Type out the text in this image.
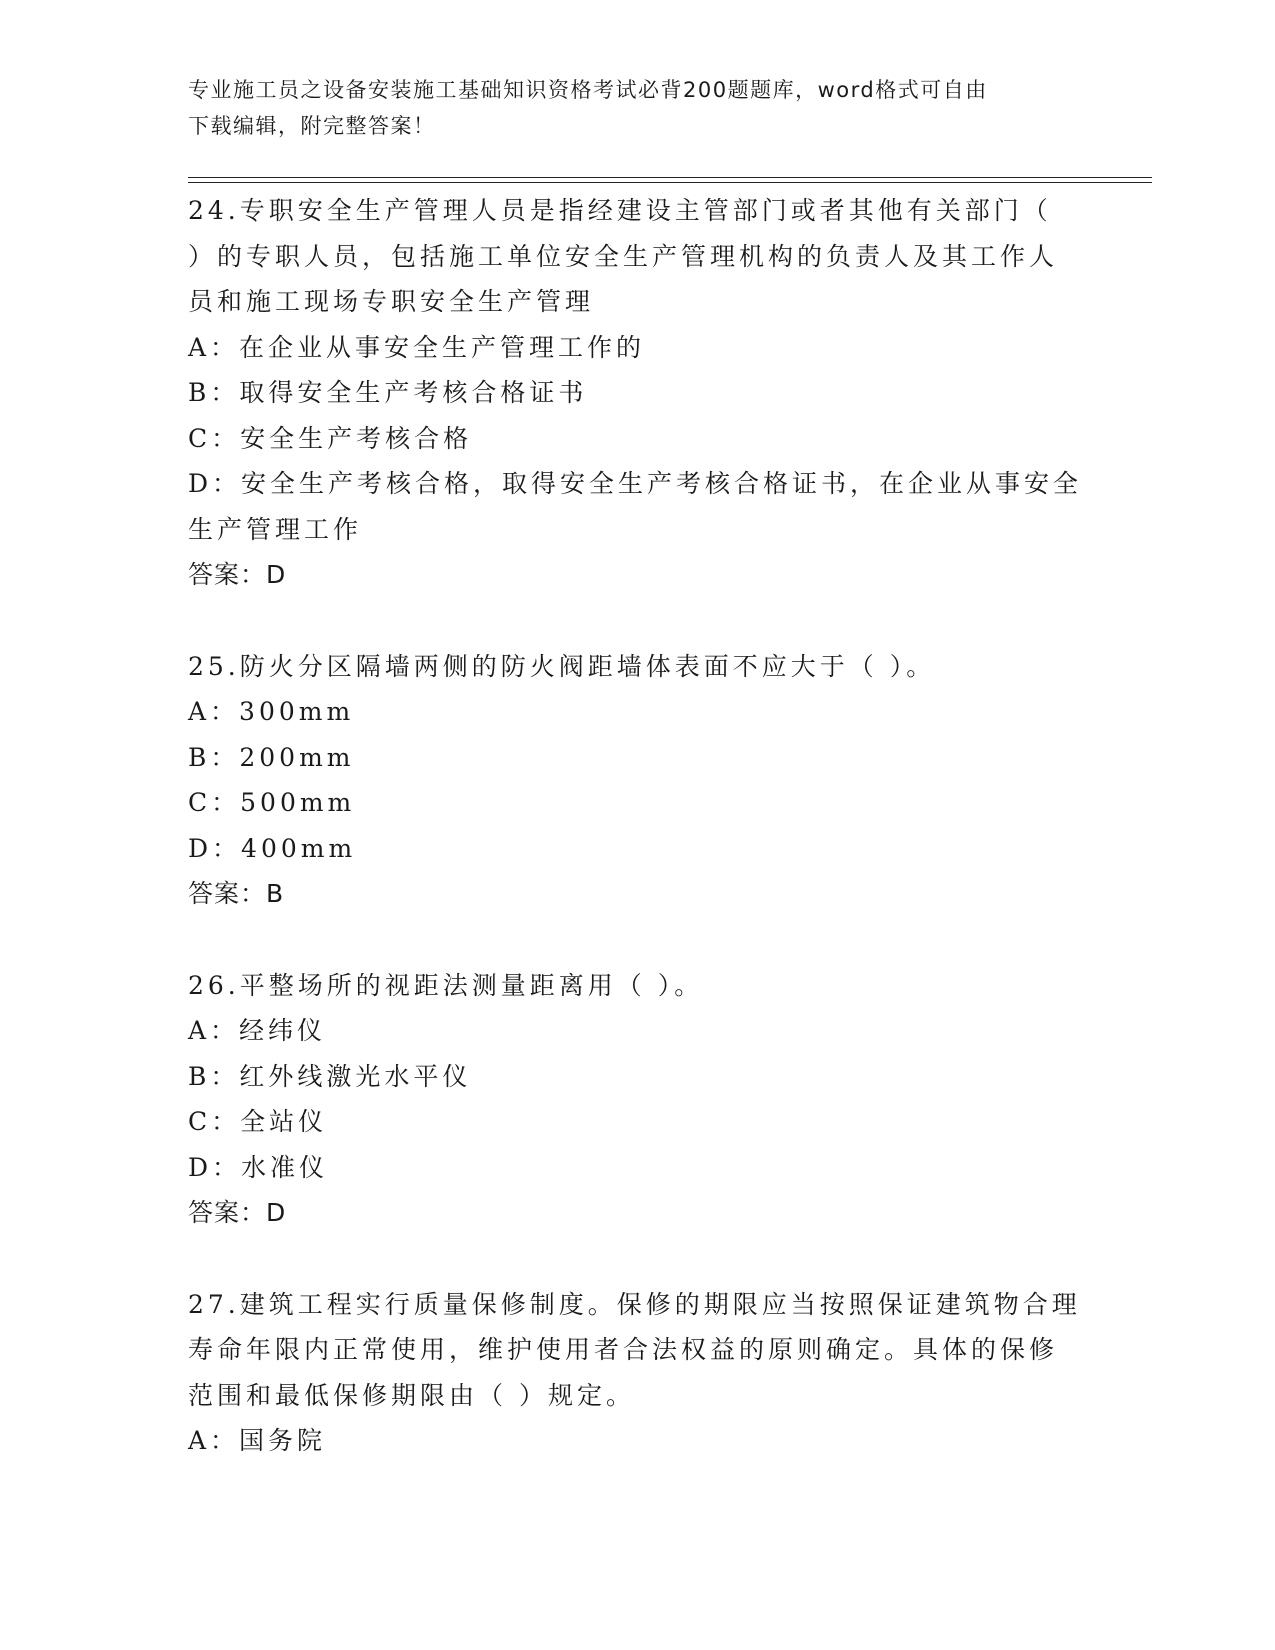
专业施工员之设备安装施工基础知识资格考试必背200题题库，word格式可自由
下载编辑，附完整答案！
24.专职安全生产管理人员是指经建设主管部门或者其他有关部门（
）的专职人员，包括施工单位安全生产管理机构的负责人及其工作人
员和施工现场专职安全生产管理
A：在企业从事安全生产管理工作的
B：取得安全生产考核合格证书
C：安全生产考核合格
D：安全生产考核合格，取得安全生产考核合格证书，在企业从事安全
生产管理工作
答案：D
25.防火分区隔墙两侧的防火阀距墙体表面不应大于（ ）。
A：300mm
B：200mm
C：500mm
D：400mm
答案：B
26.平整场所的视距法测量距离用（ ）。
A：经纬仪
B：红外线激光水平仪
C：全站仪
D：水准仪
答案：D
27.建筑工程实行质量保修制度。保修的期限应当按照保证建筑物合理
寿命年限内正常使用，维护使用者合法权益的原则确定。具体的保修
范围和最低保修期限由（ ）规定。
A：国务院
